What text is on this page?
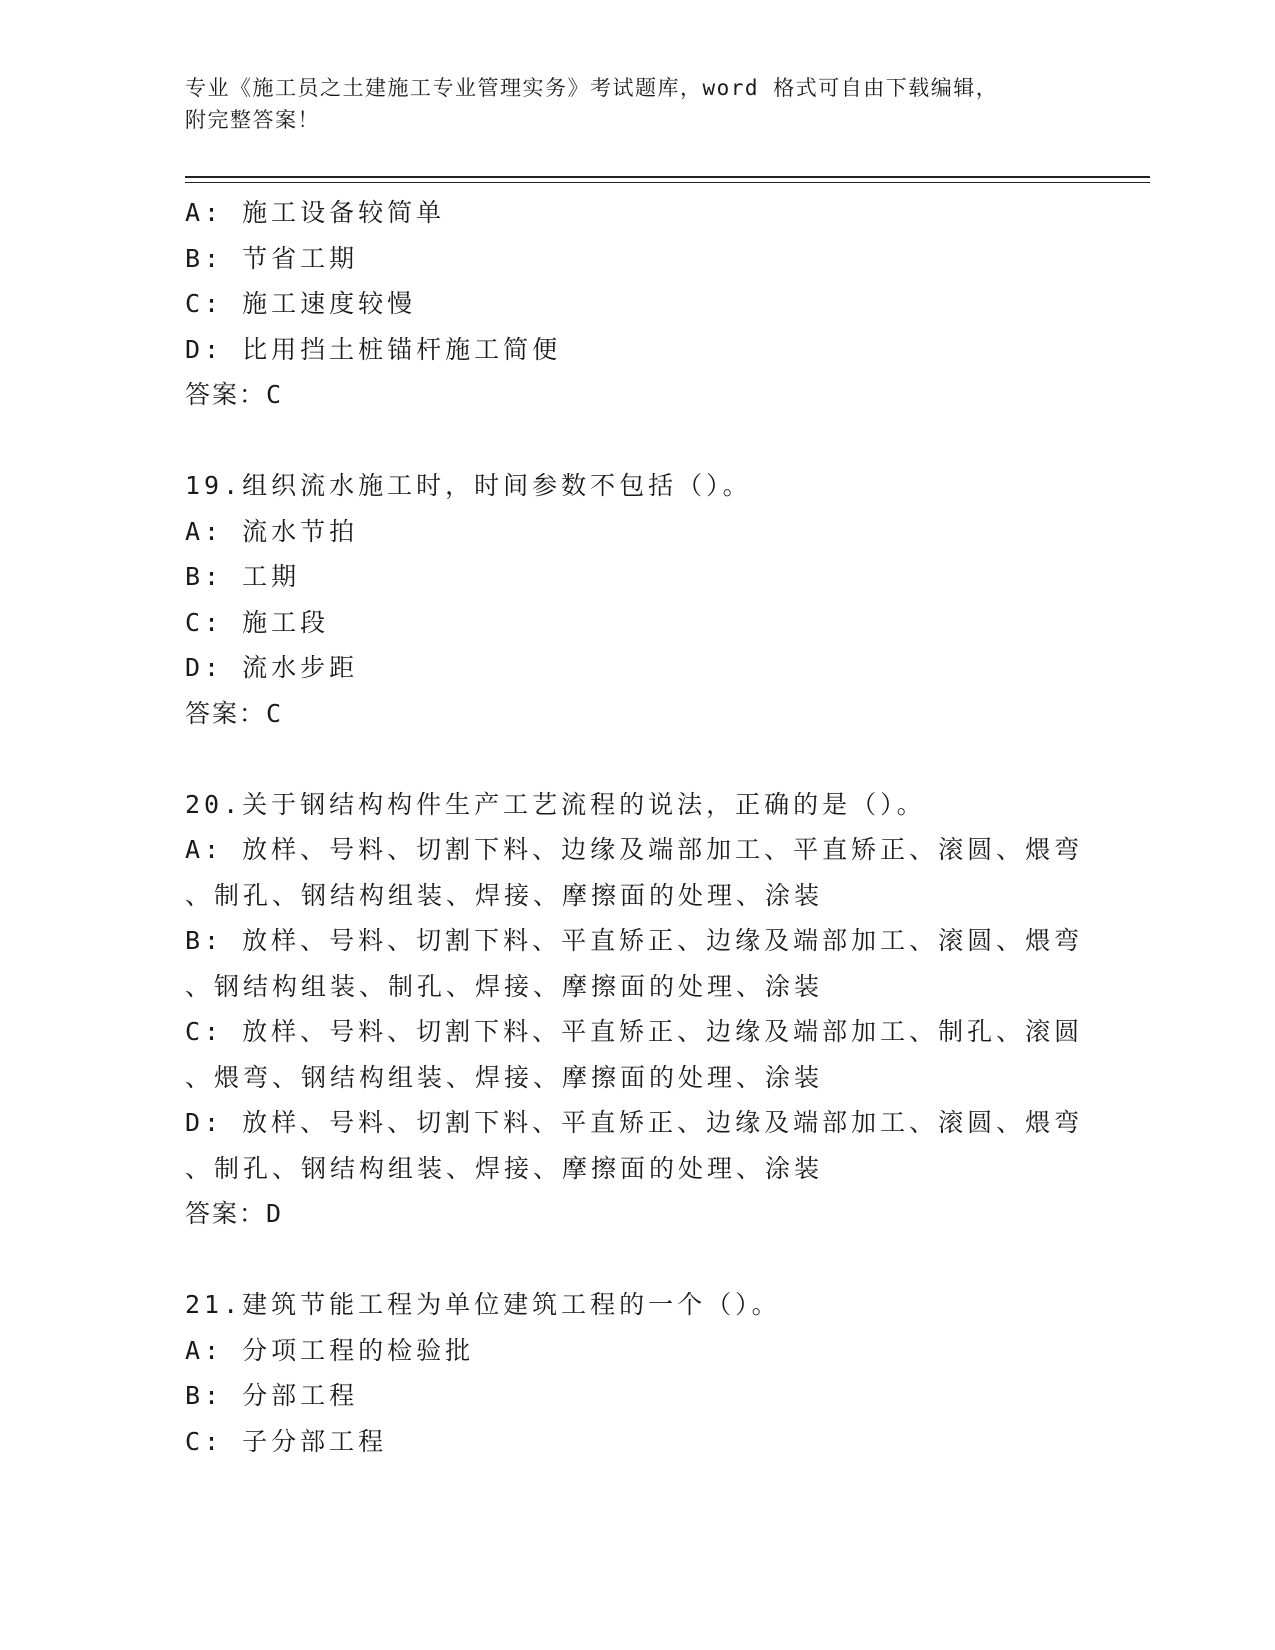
专业《施工员之土建施工专业管理实务》考试题库，word 格式可自由下载编辑，
附完整答案！
A: 施工设备较简单
B: 节省工期
C: 施工速度较慢
D: 比用挡土桩锚杆施工简便
答案：C
19.组织流水施工时，时间参数不包括（）。
A: 流水节拍
B: 工期
C: 施工段
D: 流水步距
答案：C
20.关于钢结构构件生产工艺流程的说法，正确的是（）。
A: 放样、号料、切割下料、边缘及端部加工、平直矫正、滚圆、煨弯
、制孔、钢结构组装、焊接、摩擦面的处理、涂装
B: 放样、号料、切割下料、平直矫正、边缘及端部加工、滚圆、煨弯
、钢结构组装、制孔、焊接、摩擦面的处理、涂装
C: 放样、号料、切割下料、平直矫正、边缘及端部加工、制孔、滚圆
、煨弯、钢结构组装、焊接、摩擦面的处理、涂装
D: 放样、号料、切割下料、平直矫正、边缘及端部加工、滚圆、煨弯
、制孔、钢结构组装、焊接、摩擦面的处理、涂装
答案：D
21.建筑节能工程为单位建筑工程的一个（）。
A: 分项工程的检验批
B: 分部工程
C: 子分部工程
